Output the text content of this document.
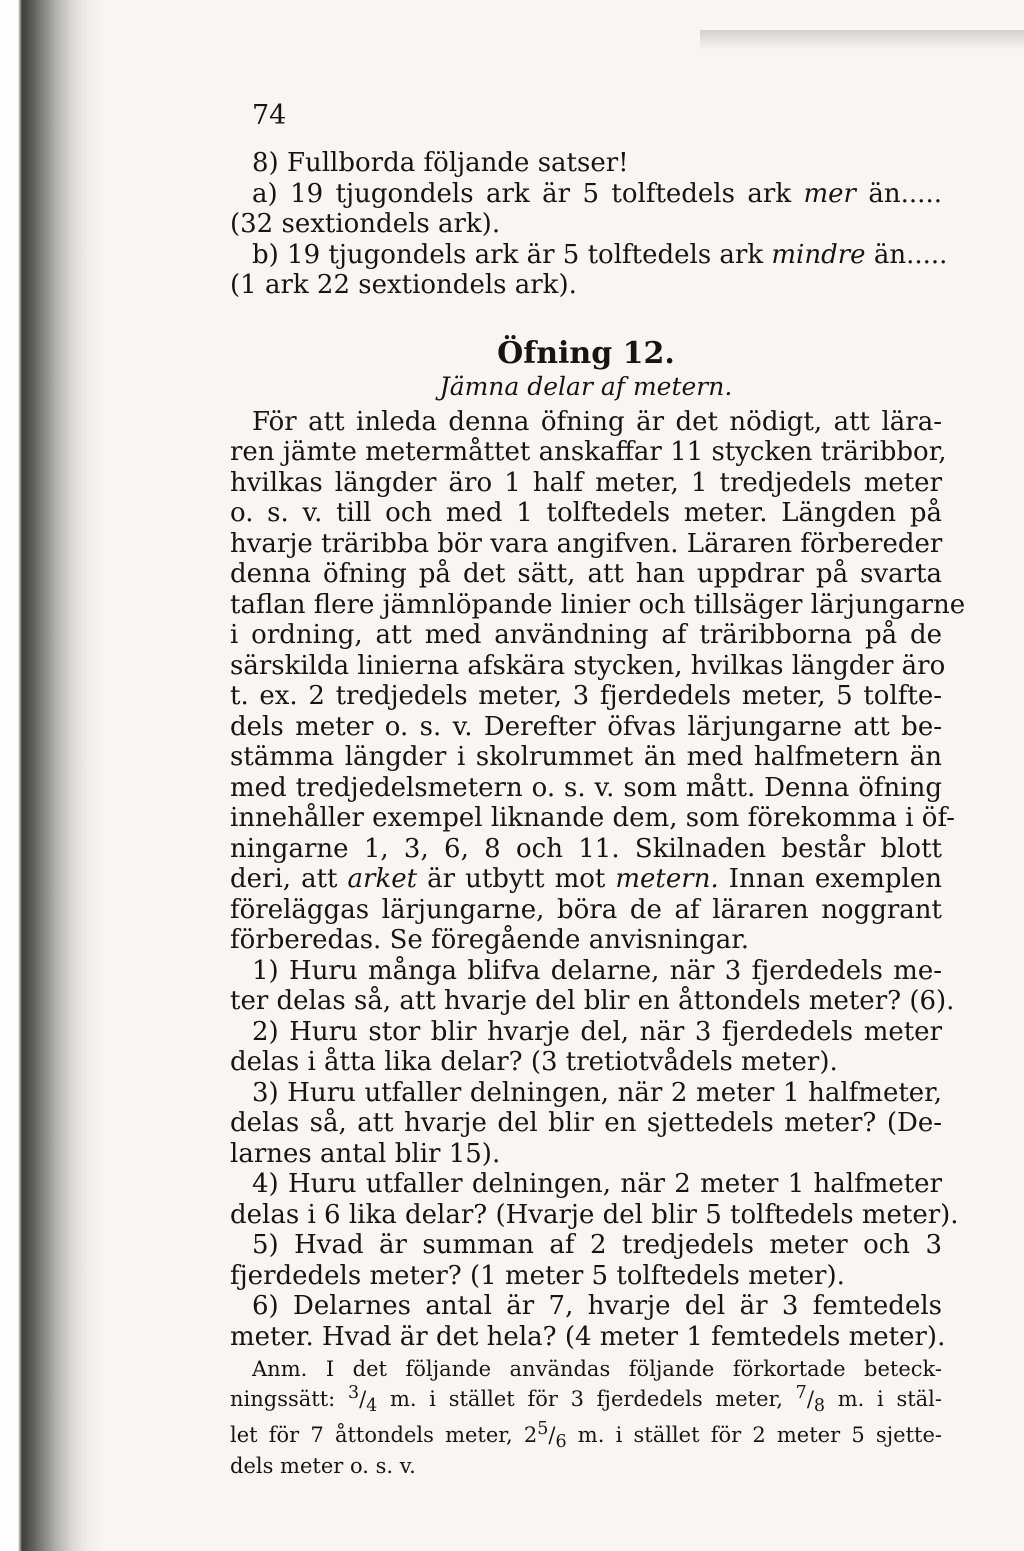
74
8) Fullborda följande satser!
a) 19 tjugondels ark är 5 tolftedels ark mer än.....
(32 sextiondels ark).
b) 19 tjugondels ark är 5 tolftedels ark mindre än.....
(1 ark 22 sextiondels ark).
Öfning 12.
Jämna delar af metern.
För att inleda denna öfning är det nödigt, att lära-
ren jämte metermåttet anskaffar 11 stycken träribbor,
hvilkas längder äro 1 half meter, 1 tredjedels meter
o. s. v. till och med 1 tolftedels meter. Längden på
hvarje träribba bör vara angifven. Läraren förbereder
denna öfning på det sätt, att han uppdrar på svarta
taflan flere jämnlöpande linier och tillsäger lärjungarne
i ordning, att med användning af träribborna på de
särskilda linierna afskära stycken, hvilkas längder äro
t. ex. 2 tredjedels meter, 3 fjerdedels meter, 5 tolfte-
dels meter o. s. v. Derefter öfvas lärjungarne att be-
stämma längder i skolrummet än med halfmetern än
med tredjedelsmetern o. s. v. som mått. Denna öfning
innehåller exempel liknande dem, som förekomma i öf-
ningarne 1, 3, 6, 8 och 11. Skilnaden består blott
deri, att arket är utbytt mot metern. Innan exemplen
föreläggas lärjungarne, böra de af läraren noggrant
förberedas. Se föregående anvisningar.
1) Huru många blifva delarne, när 3 fjerdedels me-
ter delas så, att hvarje del blir en åttondels meter? (6).
2) Huru stor blir hvarje del, när 3 fjerdedels meter
delas i åtta lika delar? (3 tretiotvådels meter).
3) Huru utfaller delningen, när 2 meter 1 halfmeter,
delas så, att hvarje del blir en sjettedels meter? (De-
larnes antal blir 15).
4) Huru utfaller delningen, när 2 meter 1 halfmeter
delas i 6 lika delar? (Hvarje del blir 5 tolftedels meter).
5) Hvad är summan af 2 tredjedels meter och 3
fjerdedels meter? (1 meter 5 tolftedels meter).
6) Delarnes antal är 7, hvarje del är 3 femtedels
meter. Hvad är det hela? (4 meter 1 femtedels meter).
Anm. I det följande användas följande förkortade beteck-
ningssätt: $^3/_4$ m. i stället för 3 fjerdedels meter, $^7/_8$ m. i stäl-
let för 7 åttondels meter, $2^5/_6$ m. i stället för 2 meter 5 sjette-
dels meter o. s. v.
